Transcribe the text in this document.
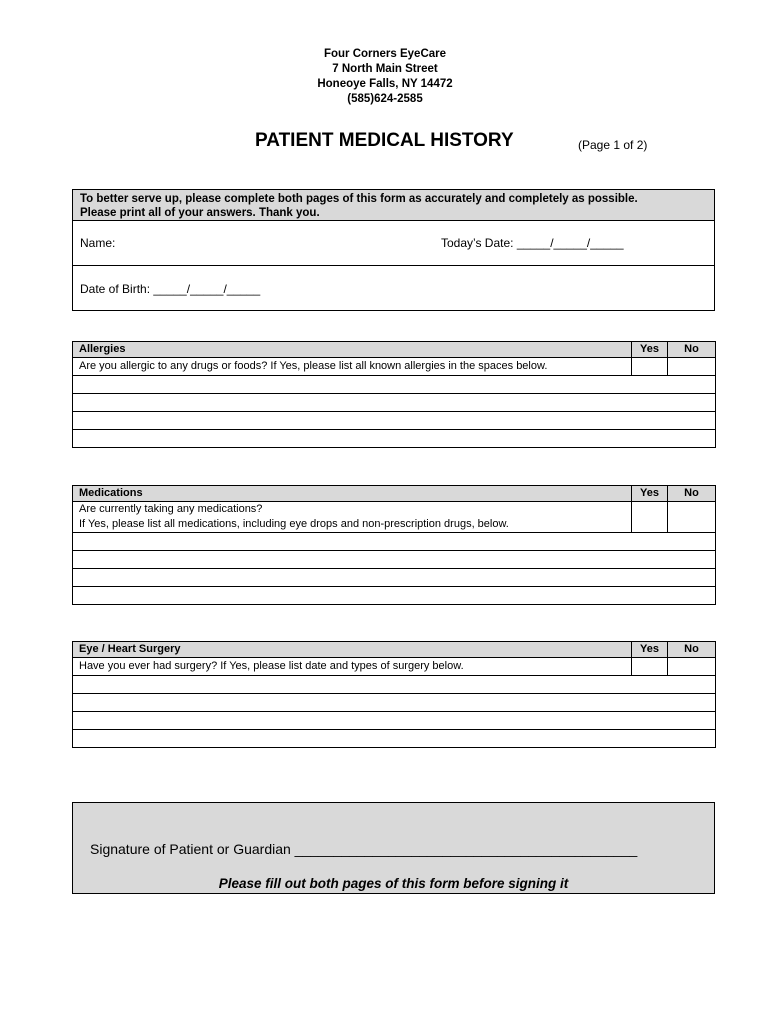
Four Corners EyeCare
7 North Main Street
Honeoye Falls, NY 14472
(585)624-2585
PATIENT MEDICAL HISTORY	(Page 1 of 2)
To better serve up, please complete both pages of this form as accurately and completely as possible.
Please print all of your answers. Thank you.
Name:	Today’s Date: _____/_____/_____
Date of Birth: _____/_____/_____
Allergies	Yes	No
Are you allergic to any drugs or foods? If Yes, please list all known allergies in the spaces below.		

Medications	Yes	No

Are currently taking any medications?
If Yes, please list all medications, including eye drops and non-prescription drugs, below.		

Eye / Heart Surgery	Yes	No
Have you ever had surgery? If Yes, please list date and types of surgery below.		

Signature of Patient or Guardian ____________________________________________
Please fill out both pages of this form before signing it
